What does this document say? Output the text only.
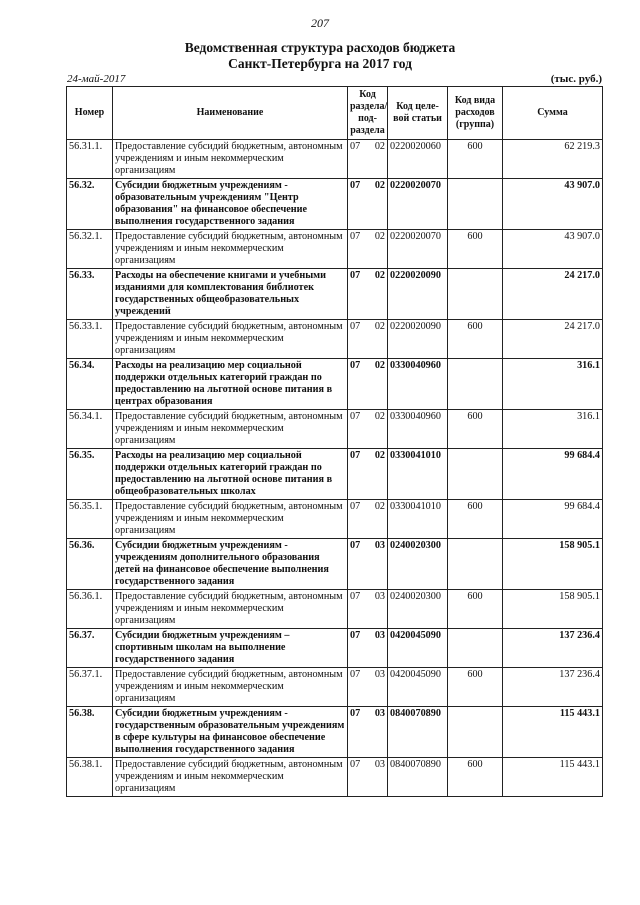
207
Ведомственная структура расходов бюджета
Санкт-Петербурга на 2017 год
24-май-2017	(тыс. руб.)
Номер	Наименование	Код раздела/ под- раздела	Код целе- вой статьи	Код вида расходов (группа)	Сумма
56.31.1.	Предоставление субсидий бюджетным, автономным учреждениям и иным некоммерческим организациям	07 02	0220020060	600	62 219.3
56.32.	Субсидии бюджетным учреждениям - образовательным учреждениям "Центр образования" на финансовое обеспечение выполнения государственного задания	07 02	0220020070		43 907.0
56.32.1.	Предоставление субсидий бюджетным, автономным учреждениям и иным некоммерческим организациям	07 02	0220020070	600	43 907.0
56.33.	Расходы на обеспечение книгами и учебными изданиями для комплектования библиотек государственных общеобразовательных учреждений	07 02	0220020090		24 217.0
56.33.1.	Предоставление субсидий бюджетным, автономным учреждениям и иным некоммерческим организациям	07 02	0220020090	600	24 217.0
56.34.	Расходы на реализацию мер социальной поддержки отдельных категорий граждан по предоставлению на льготной основе питания в центрах образования	07 02	0330040960		316.1
56.34.1.	Предоставление субсидий бюджетным, автономным учреждениям и иным некоммерческим организациям	07 02	0330040960	600	316.1
56.35.	Расходы на реализацию мер социальной поддержки отдельных категорий граждан по предоставлению на льготной основе питания в общеобразовательных школах	07 02	0330041010		99 684.4
56.35.1.	Предоставление субсидий бюджетным, автономным учреждениям и иным некоммерческим организациям	07 02	0330041010	600	99 684.4
56.36.	Субсидии бюджетным учреждениям - учреждениям дополнительного образования детей на финансовое обеспечение выполнения государственного задания	07 03	0240020300		158 905.1
56.36.1.	Предоставление субсидий бюджетным, автономным учреждениям и иным некоммерческим организациям	07 03	0240020300	600	158 905.1
56.37.	Субсидии бюджетным учреждениям – спортивным школам на выполнение государственного задания	07 03	0420045090		137 236.4
56.37.1.	Предоставление субсидий бюджетным, автономным учреждениям и иным некоммерческим организациям	07 03	0420045090	600	137 236.4
56.38.	Субсидии бюджетным учреждениям - государственным образовательным учреждениям в сфере культуры на финансовое обеспечение выполнения государственного задания	07 03	0840070890		115 443.1
56.38.1.	Предоставление субсидий бюджетным, автономным учреждениям и иным некоммерческим организациям	07 03	0840070890	600	115 443.1
